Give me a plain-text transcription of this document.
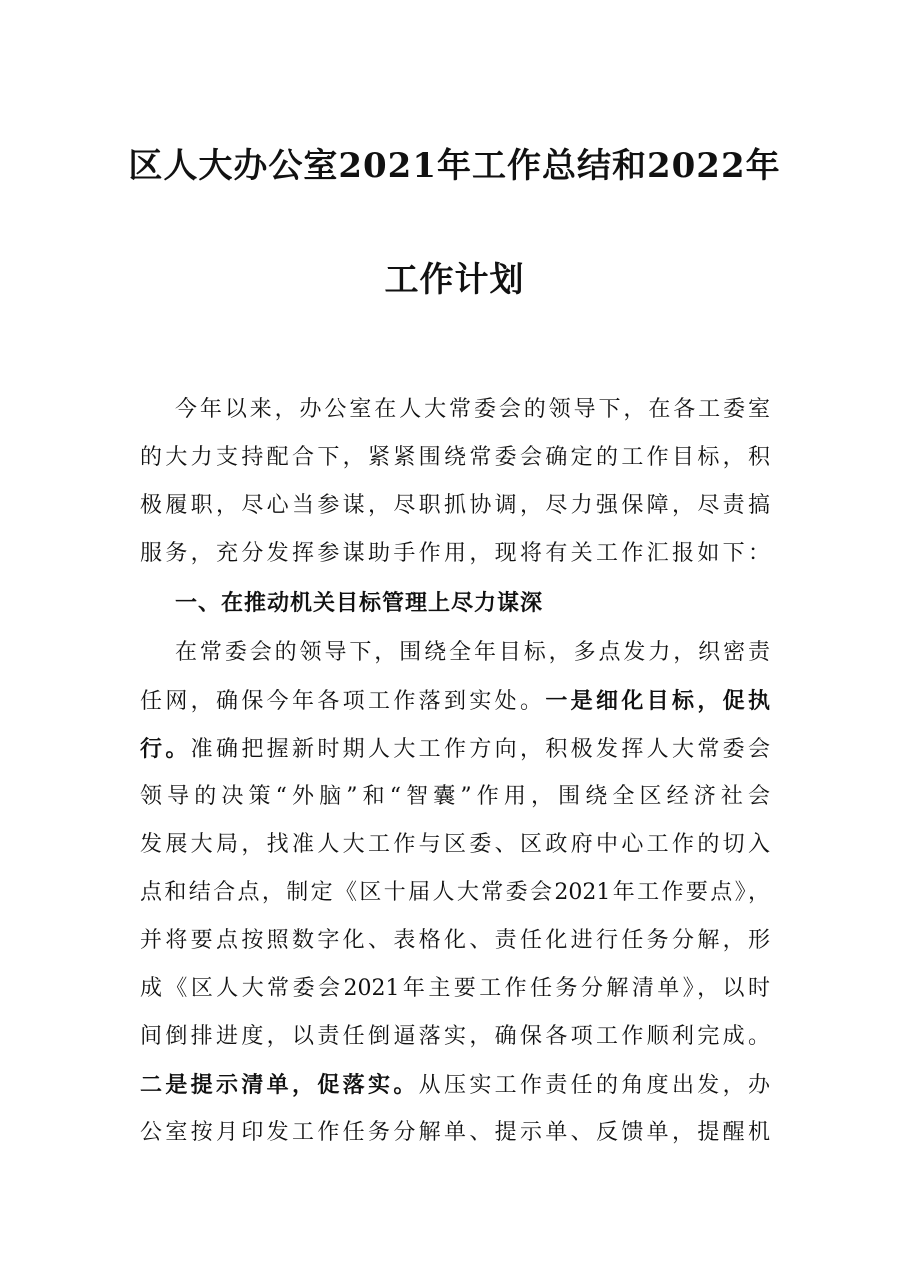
区人大办公室2021年工作总结和2022年
工作计划
今年以来，办公室在人大常委会的领导下，在各工委室
的大力支持配合下，紧紧围绕常委会确定的工作目标，积
极履职，尽心当参谋，尽职抓协调，尽力强保障，尽责搞
服务，充分发挥参谋助手作用，现将有关工作汇报如下：
一、在推动机关目标管理上尽力谋深
在常委会的领导下，围绕全年目标，多点发力，织密责
任网，确保今年各项工作落到实处。一是细化目标，促执
行。准确把握新时期人大工作方向，积极发挥人大常委会
领导的决策“外脑”和“智囊”作用，围绕全区经济社会
发展大局，找准人大工作与区委、区政府中心工作的切入
点和结合点，制定《区十届人大常委会2021年工作要点》，
并将要点按照数字化、表格化、责任化进行任务分解，形
成《区人大常委会2021年主要工作任务分解清单》，以时
间倒排进度，以责任倒逼落实，确保各项工作顺利完成。
二是提示清单，促落实。从压实工作责任的角度出发，办
公室按月印发工作任务分解单、提示单、反馈单，提醒机
